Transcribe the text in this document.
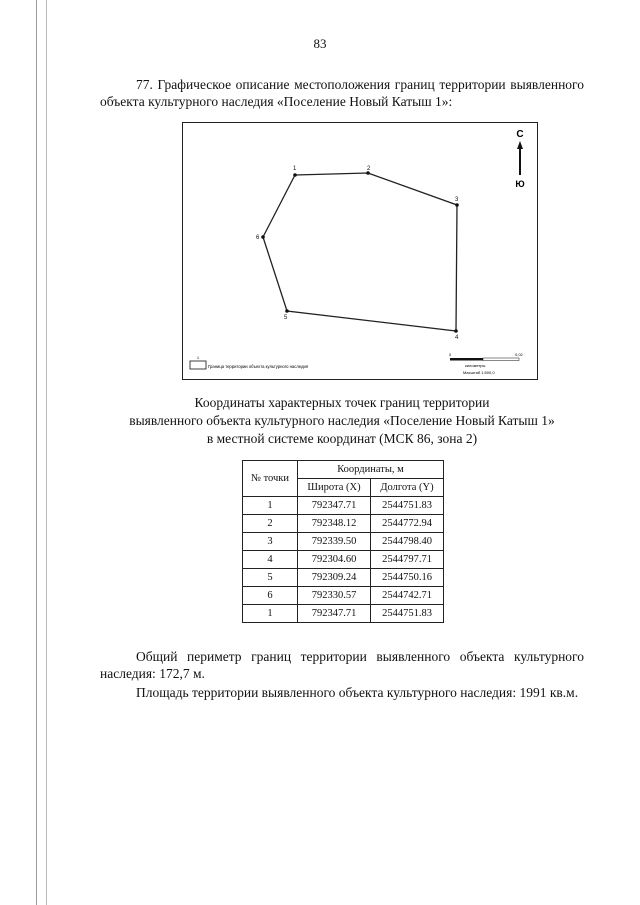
83
77. Графическое описание местоположения границ территории выявленного объекта культурного наследия «Поселение Новый Катыш 1»:
1	2
3
4
5
6
С
Ю
1
Граница территории объекта культурного наследия
0	0,02
километры
Масштаб 1:500,0
Координаты характерных точек границ территории
выявленного объекта культурного наследия «Поселение Новый Катыш 1»
в местной системе координат (МСК 86, зона 2)
№ точки	Координаты, м	
	Широта (X)	Долгота (Y)
1	792347.71	2544751.83
2	792348.12	2544772.94
3	792339.50	2544798.40
4	792304.60	2544797.71
5	792309.24	2544750.16
6	792330.57	2544742.71
1	792347.71	2544751.83
Общий периметр границ территории выявленного объекта культурного наследия: 172,7 м.
Площадь территории выявленного объекта культурного наследия: 1991 кв.м.
